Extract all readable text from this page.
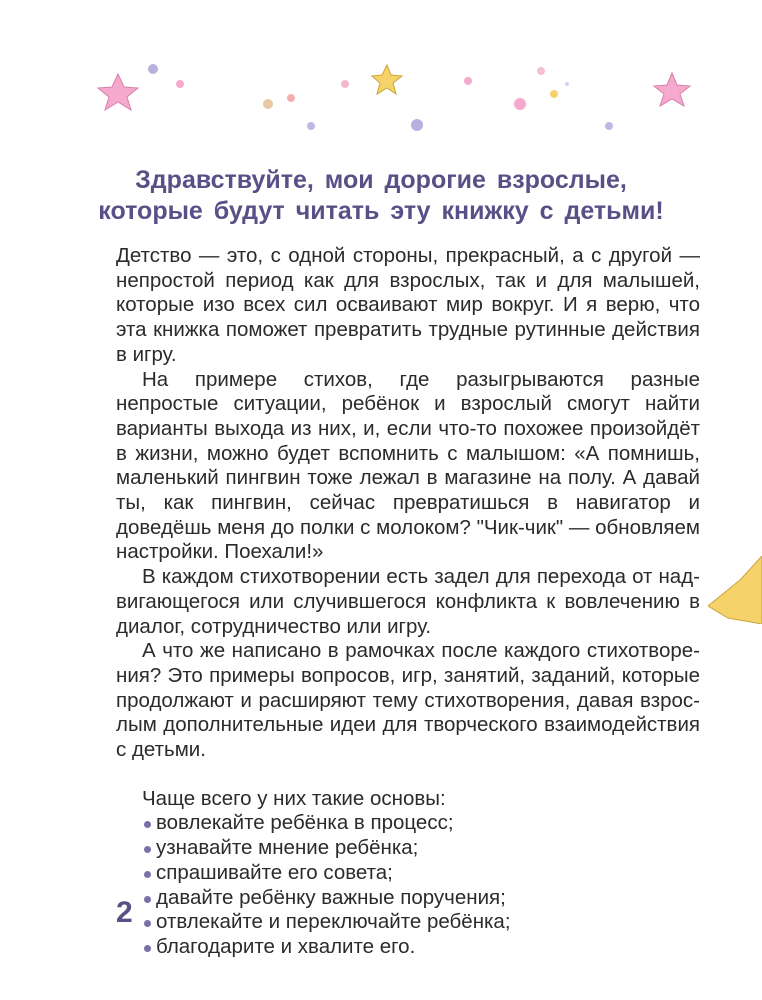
Здравствуйте, мои дорогие взрослые,
которые будут читать эту книжку с детьми!
Детство — это, с одной стороны, прекрасный, а с другой — непростой период как для взрослых, так и для малышей, которые изо всех сил осваивают мир вокруг. И я верю, что эта книжка поможет превратить трудные рутинные действия в игру.
На примере стихов, где разыгрываются разные непростые ситуации, ребёнок и взрослый смогут найти варианты выхода из них, и, если что-то похожее произойдёт в жизни, можно будет вспомнить с малышом: «А помнишь, маленький пингвин тоже лежал в магазине на полу. А давай ты, как пингвин, сейчас превратишься в навигатор и доведёшь меня до полки с молоком? "Чик-чик" — обновляем настройки. Поехали!»
В каждом стихотворении есть задел для перехода от надвигающегося или случившегося конфликта к вовлечению в диалог, сотрудничество или игру.
А что же написано в рамочках после каждого стихотворения? Это примеры вопросов, игр, занятий, заданий, которые продолжают и расширяют тему стихотворения, давая взрослым дополнительные идеи для творческого взаимодействия с детьми.
Чаще всего у них такие основы:
вовлекайте ребёнка в процесс;
узнавайте мнение ребёнка;
спрашивайте его совета;
давайте ребёнку важные поручения;
отвлекайте и переключайте ребёнка;
благодарите и хвалите его.
2
